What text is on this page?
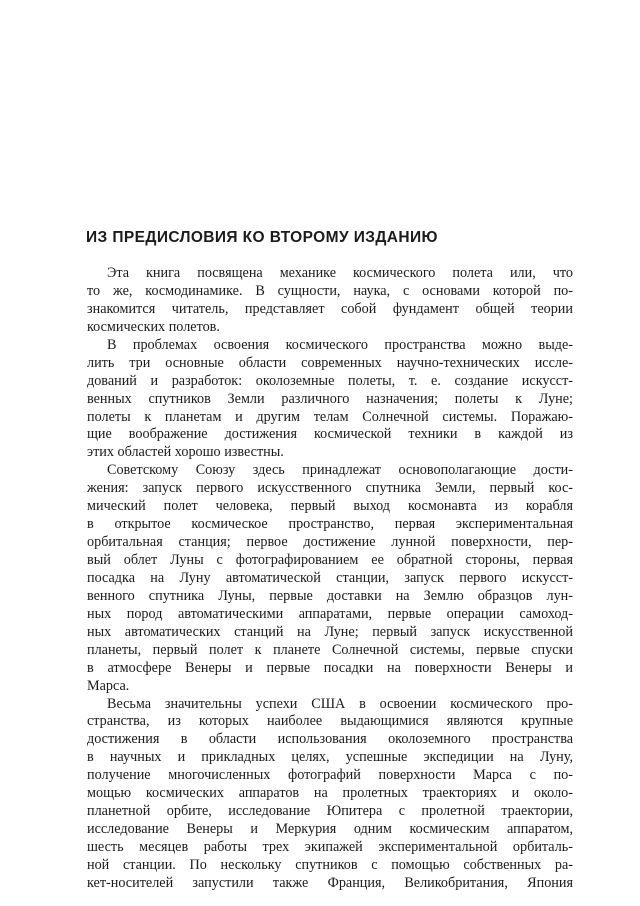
ИЗ ПРЕДИСЛОВИЯ КО ВТОРОМУ ИЗДАНИЮ
Эта книга посвящена механике космического полета или, что
то же, космодинамике. В сущности, наука, с основами которой по-
знакомится читатель, представляет собой фундамент общей теории
космических полетов.
В проблемах освоения космического пространства можно выде-
лить три основные области современных научно-технических иссле-
дований и разработок: околоземные полеты, т. е. создание искусст-
венных спутников Земли различного назначения; полеты к Луне;
полеты к планетам и другим телам Солнечной системы. Поражаю-
щие воображение достижения космической техники в каждой из
этих областей хорошо известны.
Советскому Союзу здесь принадлежат основополагающие дости-
жения: запуск первого искусственного спутника Земли, первый кос-
мический полет человека, первый выход космонавта из корабля
в открытое космическое пространство, первая экспериментальная
орбитальная станция; первое достижение лунной поверхности, пер-
вый облет Луны с фотографированием ее обратной стороны, первая
посадка на Луну автоматической станции, запуск первого искусст-
венного спутника Луны, первые доставки на Землю образцов лун-
ных пород автоматическими аппаратами, первые операции самоход-
ных автоматических станций на Луне; первый запуск искусственной
планеты, первый полет к планете Солнечной системы, первые спуски
в атмосфере Венеры и первые посадки на поверхности Венеры и
Марса.
Весьма значительны успехи США в освоении космического про-
странства, из которых наиболее выдающимися являются крупные
достижения в области использования околоземного пространства
в научных и прикладных целях, успешные экспедиции на Луну,
получение многочисленных фотографий поверхности Марса с по-
мощью космических аппаратов на пролетных траекториях и около-
планетной орбите, исследование Юпитера с пролетной траектории,
исследование Венеры и Меркурия одним космическим аппаратом,
шесть месяцев работы трех экипажей экспериментальной орбиталь-
ной станции. По нескольку спутников с помощью собственных ра-
кет-носителей запустили также Франция, Великобритания, Япония
